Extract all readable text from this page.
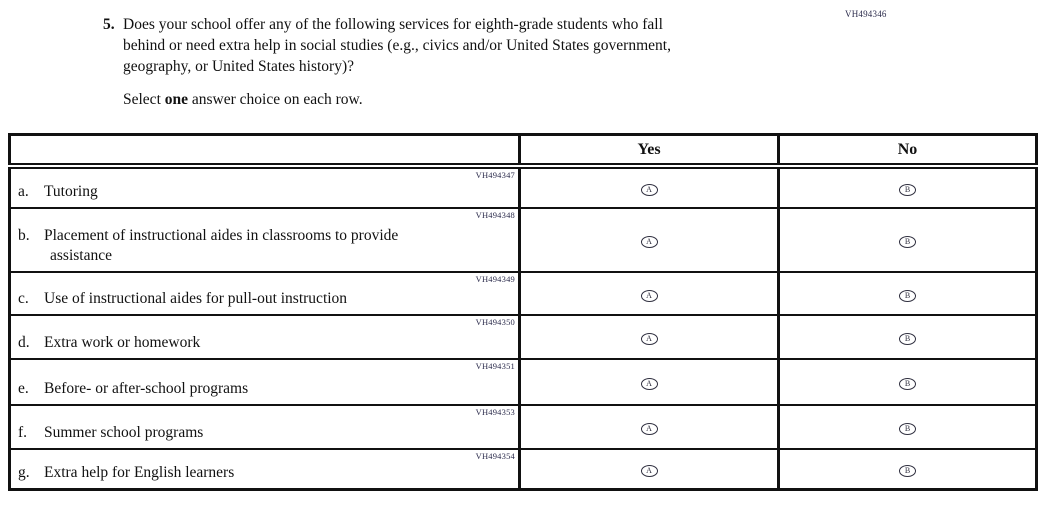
VH494346
5. Does your school offer any of the following services for eighth-grade students who fall
behind or need extra help in social studies (e.g., civics and/or United States government,
geography, or United States history)?

Select one answer choice on each row.

	Yes	No

VH494347
a. Tutoring	A	B

VH494348
b. Placement of instructional aides in classrooms to provide
assistance	A	B

VH494349
c. Use of instructional aides for pull-out instruction	A	B

VH494350
d. Extra work or homework	A	B

VH494351
e. Before- or after-school programs	A	B

VH494353
f. Summer school programs	A	B

VH494354
g. Extra help for English learners	A	B
